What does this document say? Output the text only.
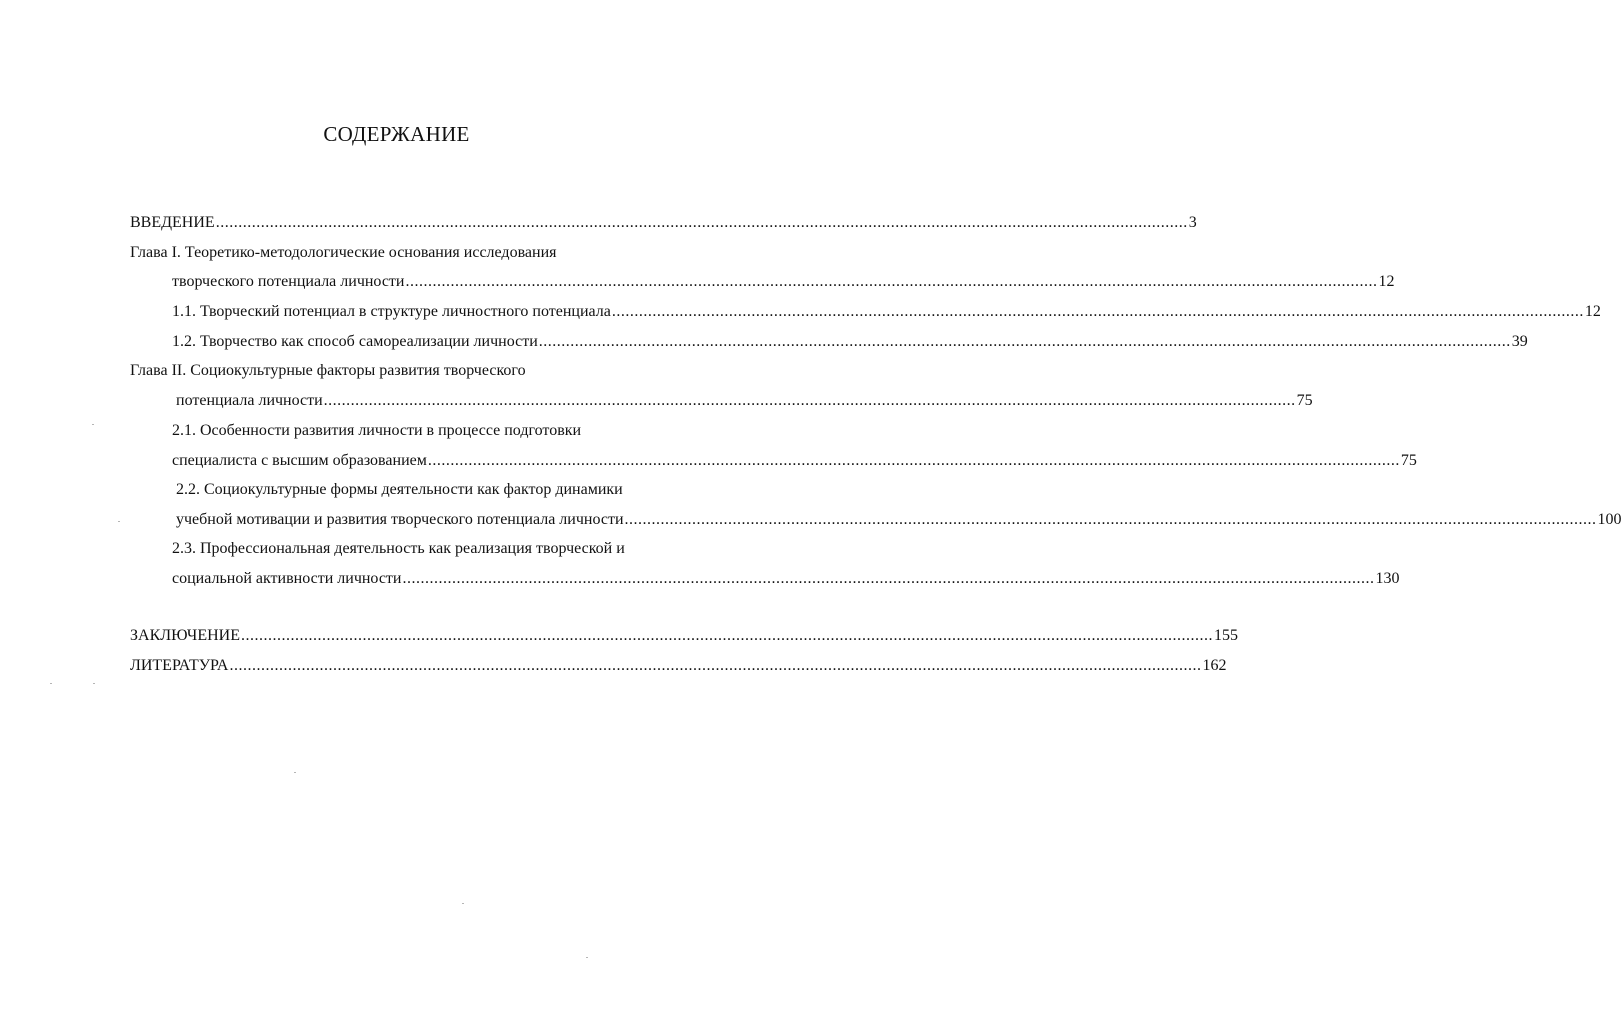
СОДЕРЖАНИЕ
ВВЕДЕНИЕ ........................................................................................................................................................................................................................ 3
Глава I. Теоретико-методологические основания исследования
творческого потенциала личности ........................................................................................................................................................................................................................ 12
1.1. Творческий потенциал в структуре личностного потенциала ........................................................................................................................................................................................................................ 12
1.2. Творчество как способ самореализации личности ........................................................................................................................................................................................................................ 39
Глава II. Социокультурные факторы развития творческого
потенциала личности ........................................................................................................................................................................................................................ 75
2.1. Особенности развития личности в процессе подготовки
специалиста с высшим образованием ........................................................................................................................................................................................................................ 75
2.2. Социокультурные формы деятельности как фактор динамики
учебной мотивации и развития творческого потенциала личности ........................................................................................................................................................................................................................ 100
2.3. Профессиональная деятельность как реализация творческой и
социальной активности личности ........................................................................................................................................................................................................................ 130
ЗАКЛЮЧЕНИЕ ........................................................................................................................................................................................................................ 155
ЛИТЕРАТУРА ........................................................................................................................................................................................................................ 162
